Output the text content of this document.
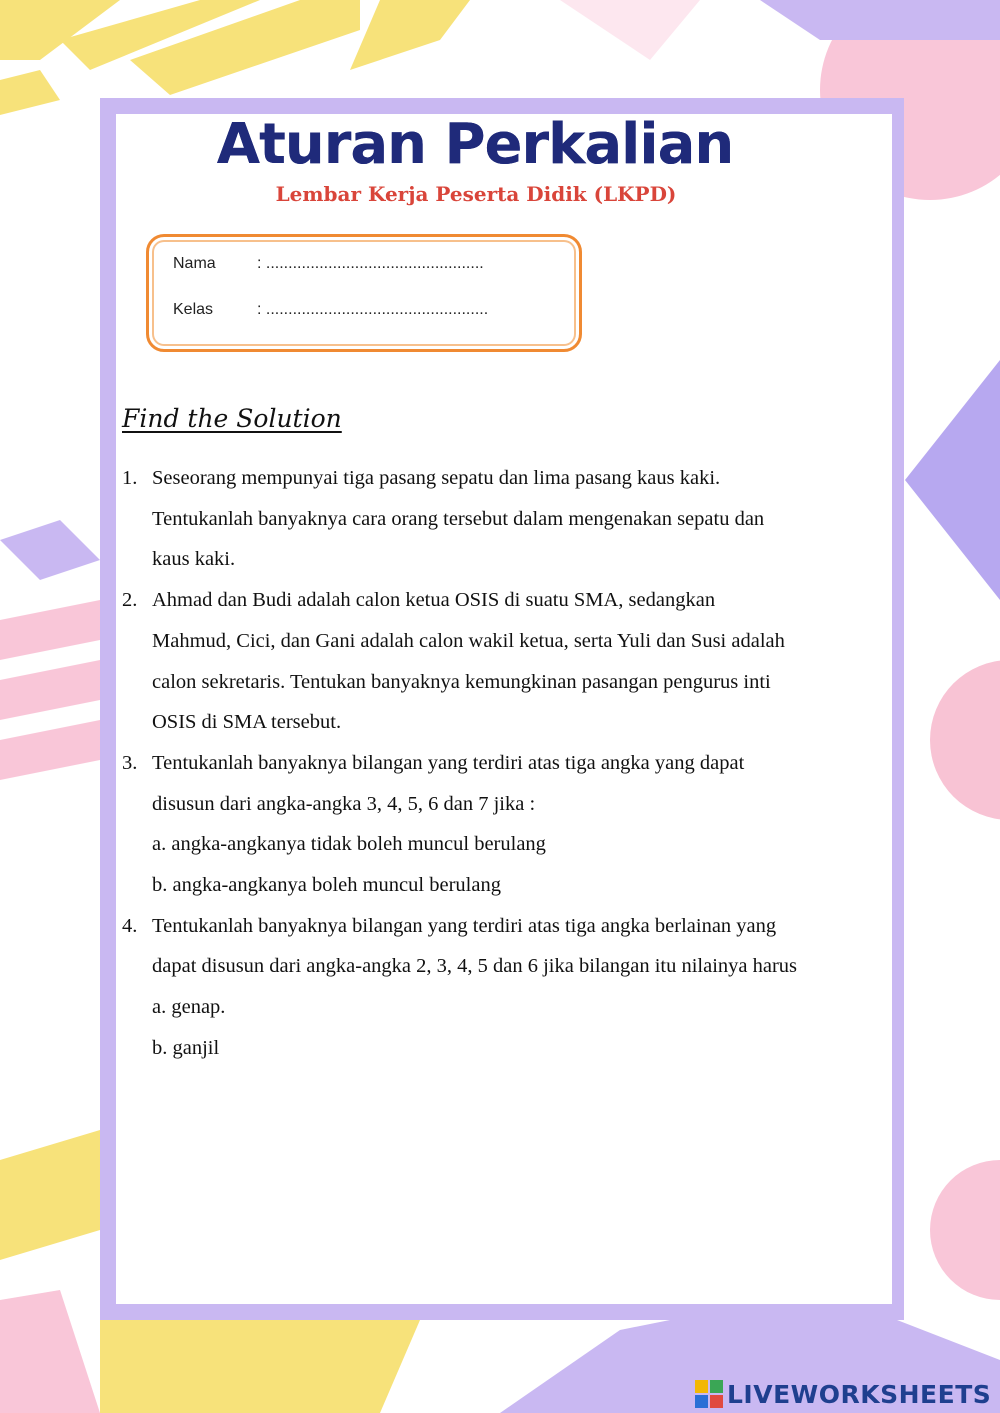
Aturan Perkalian
Lembar Kerja Peserta Didik (LKPD)
Nama	: .................................................
Kelas	: ..................................................
Find the Solution
1. Seseorang mempunyai tiga pasang sepatu dan lima pasang kaus kaki.
Tentukanlah banyaknya cara orang tersebut dalam mengenakan sepatu dan
kaus kaki.
2. Ahmad dan Budi adalah calon ketua OSIS di suatu SMA, sedangkan
Mahmud, Cici, dan Gani adalah calon wakil ketua, serta Yuli dan Susi adalah
calon sekretaris. Tentukan banyaknya kemungkinan pasangan pengurus inti
OSIS di SMA tersebut.
3. Tentukanlah banyaknya bilangan yang terdiri atas tiga angka yang dapat
disusun dari angka-angka 3, 4, 5, 6 dan 7 jika :
a. angka-angkanya tidak boleh muncul berulang
b. angka-angkanya boleh muncul berulang
4. Tentukanlah banyaknya bilangan yang terdiri atas tiga angka berlainan yang
dapat disusun dari angka-angka 2, 3, 4, 5 dan 6 jika bilangan itu nilainya harus
a. genap.
b. ganjil
LIVEWORKSHEETS
